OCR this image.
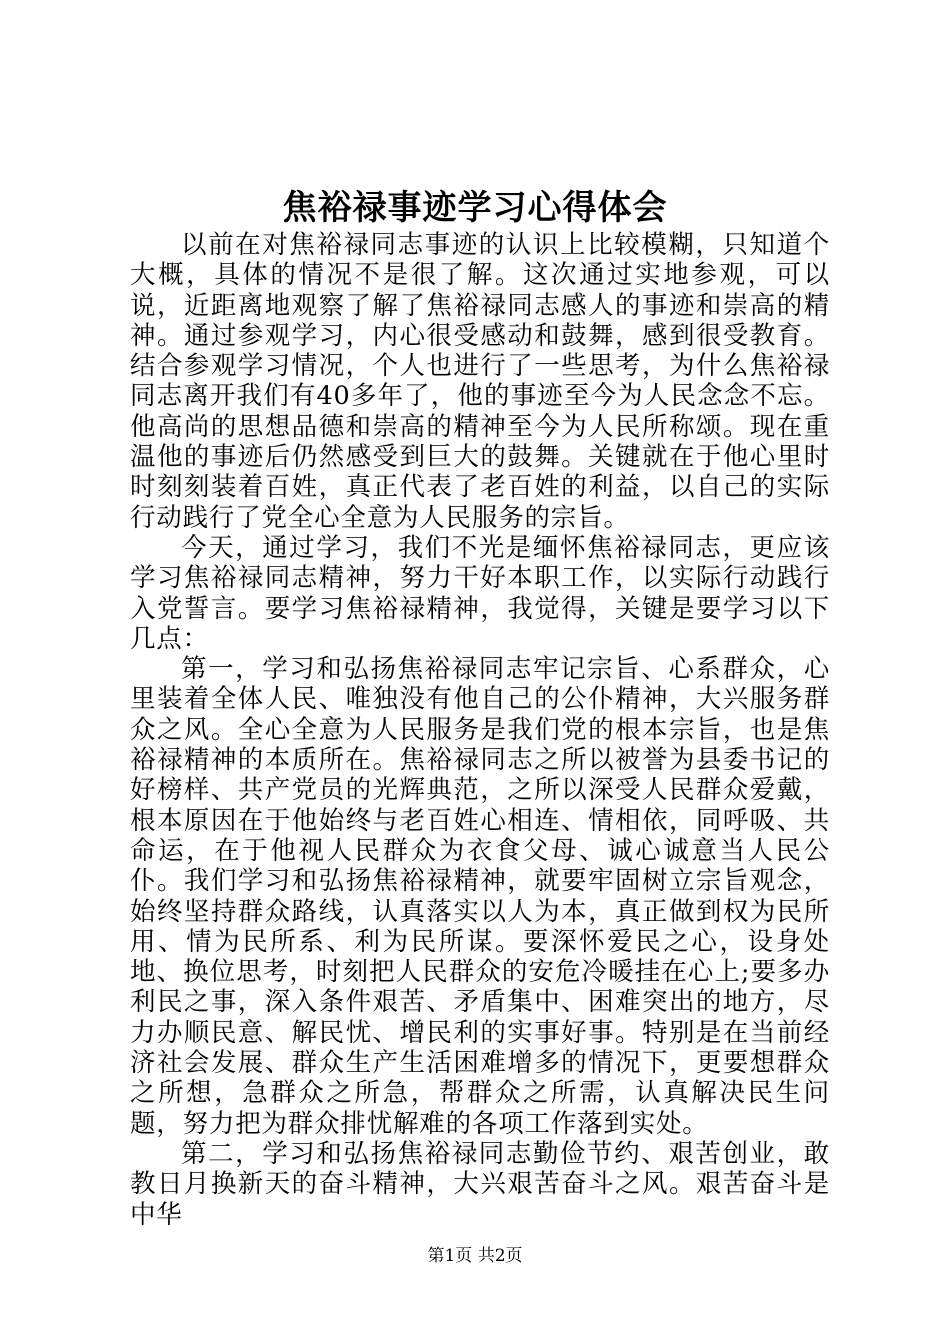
焦裕禄事迹学习心得体会

以前在对焦裕禄同志事迹的认识上比较模糊，只知道个大概，具体的情况不是很了解。这次通过实地参观，可以说，近距离地观察了解了焦裕禄同志感人的事迹和崇高的精神。通过参观学习，内心很受感动和鼓舞，感到很受教育。结合参观学习情况，个人也进行了一些思考，为什么焦裕禄同志离开我们有40多年了，他的事迹至今为人民念念不忘。他高尚的思想品德和崇高的精神至今为人民所称颂。现在重温他的事迹后仍然感受到巨大的鼓舞。关键就在于他心里时时刻刻装着百姓，真正代表了老百姓的利益，以自己的实际行动践行了党全心全意为人民服务的宗旨。

今天，通过学习，我们不光是缅怀焦裕禄同志，更应该学习焦裕禄同志精神，努力干好本职工作，以实际行动践行入党誓言。要学习焦裕禄精神，我觉得，关键是要学习以下几点：

第一，学习和弘扬焦裕禄同志牢记宗旨、心系群众，心里装着全体人民、唯独没有他自己的公仆精神，大兴服务群众之风。全心全意为人民服务是我们党的根本宗旨，也是焦裕禄精神的本质所在。焦裕禄同志之所以被誉为县委书记的好榜样、共产党员的光辉典范，之所以深受人民群众爱戴，根本原因在于他始终与老百姓心相连、情相依，同呼吸、共命运，在于他视人民群众为衣食父母、诚心诚意当人民公仆。我们学习和弘扬焦裕禄精神，就要牢固树立宗旨观念，始终坚持群众路线，认真落实以人为本，真正做到权为民所用、情为民所系、利为民所谋。要深怀爱民之心，设身处地、换位思考，时刻把人民群众的安危冷暖挂在心上;要多办利民之事，深入条件艰苦、矛盾集中、困难突出的地方，尽力办顺民意、解民忧、增民利的实事好事。特别是在当前经济社会发展、群众生产生活困难增多的情况下，更要想群众之所想，急群众之所急，帮群众之所需，认真解决民生问题，努力把为群众排忧解难的各项工作落到实处。

第二，学习和弘扬焦裕禄同志勤俭节约、艰苦创业，敢教日月换新天的奋斗精神，大兴艰苦奋斗之风。艰苦奋斗是中华

第1页 共2页
